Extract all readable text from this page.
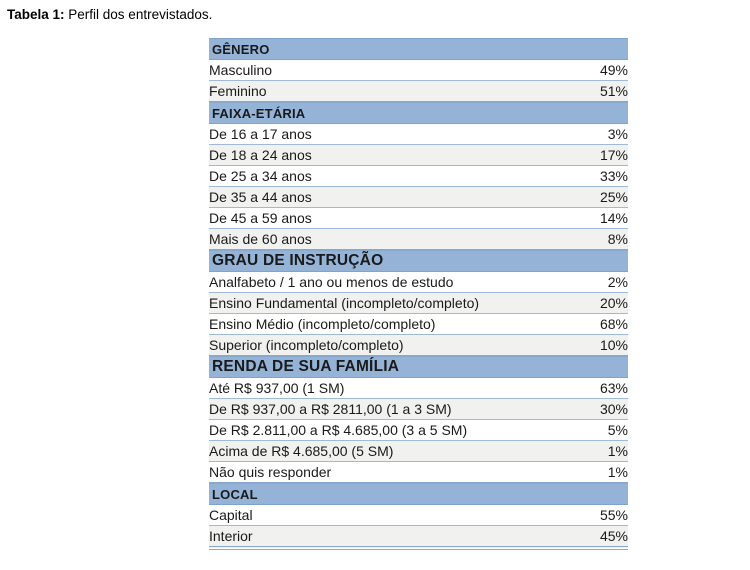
Tabela 1: Perfil dos entrevistados.
GÊNERO	
Masculino	49%
Feminino	51%
FAIXA-ETÁRIA	
De 16 a 17 anos	3%
De 18 a 24 anos	17%
De 25 a 34 anos	33%
De 35 a 44 anos	25%
De 45 a 59 anos	14%
Mais de 60 anos	8%
GRAU DE INSTRUÇÃO	
Analfabeto / 1 ano ou menos de estudo	2%
Ensino Fundamental (incompleto/completo)	20%
Ensino Médio (incompleto/completo)	68%
Superior (incompleto/completo)	10%
RENDA DE SUA FAMÍLIA	
Até R$ 937,00 (1 SM)	63%
De R$ 937,00 a R$ 2811,00 (1 a 3 SM)	30%
De R$ 2.811,00 a R$ 4.685,00 (3 a 5 SM)	5%
Acima de R$ 4.685,00 (5 SM)	1%
Não quis responder	1%
LOCAL	
Capital	55%
Interior	45%
